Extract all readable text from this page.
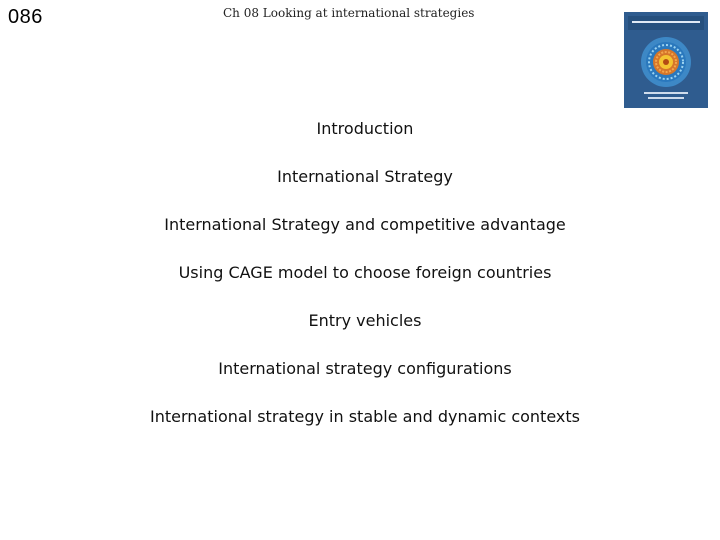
086	Ch 08 Looking at international strategies
Introduction
International Strategy
International Strategy and competitive advantage
Using CAGE model to choose foreign countries
Entry vehicles
International strategy configurations
International strategy in stable and dynamic contexts
